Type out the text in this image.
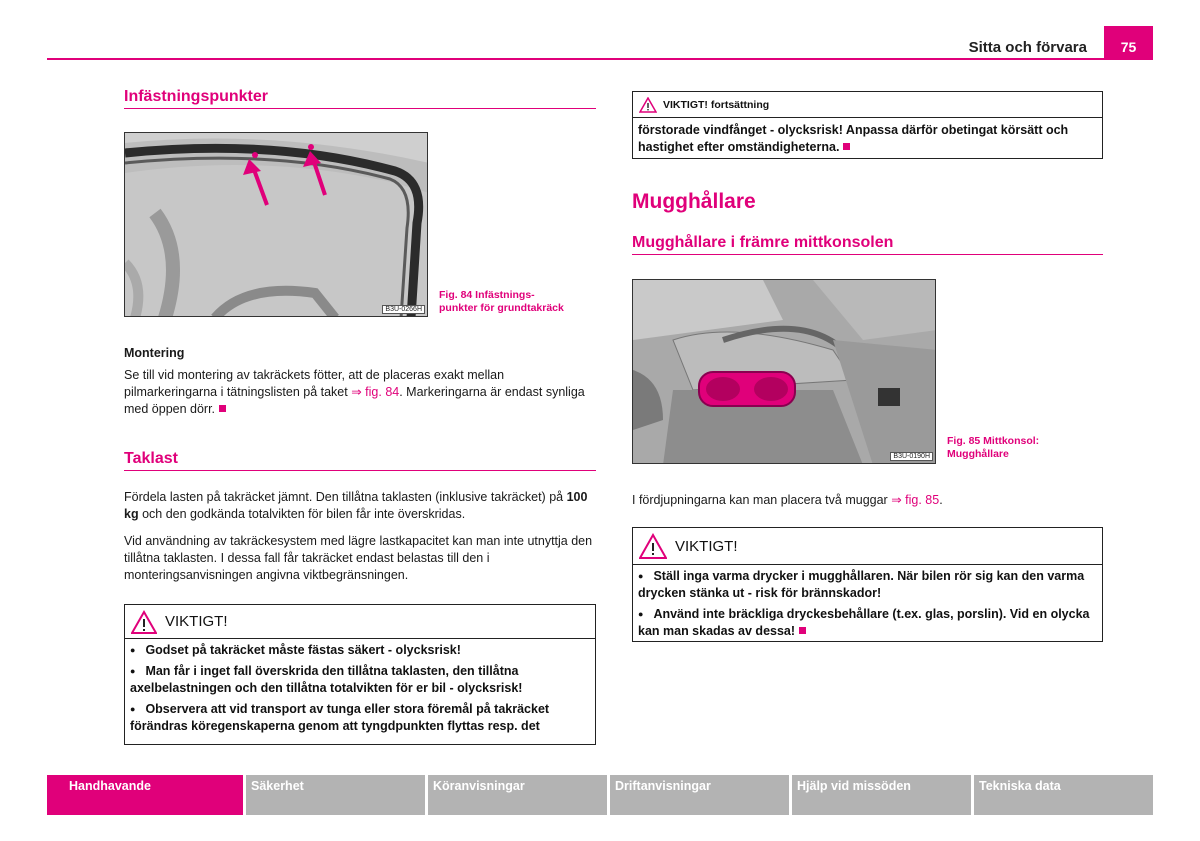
Sitta och förvara	75
Infästningspunkter
B3U-0266H
Fig. 84 Infästnings-
punkter för grundtakräck
Montering
Se till vid montering av takräckets fötter, att de placeras exakt mellan pilmarkeringarna i tätningslisten på taket ⇒ fig. 84. Markeringarna är endast synliga med öppen dörr.
Taklast
Fördela lasten på takräcket jämnt. Den tillåtna taklasten (inklusive takräcket) på 100 kg och den godkända totalvikten för bilen får inte överskridas.
Vid användning av takräckesystem med lägre lastkapacitet kan man inte utnyttja den tillåtna taklasten. I dessa fall får takräcket endast belastas till den i monteringsanvisningen angivna viktbegränsningen.
VIKTIGT!
● Godset på takräcket måste fästas säkert - olycksrisk!
● Man får i inget fall överskrida den tillåtna taklasten, den tillåtna axelbelastningen och den tillåtna totalvikten för er bil - olycksrisk!
● Observera att vid transport av tunga eller stora föremål på takräcket förändras köregenskaperna genom att tyngdpunkten flyttas resp. det
VIKTIGT! fortsättning
förstorade vindfånget - olycksrisk! Anpassa därför obetingat körsätt och hastighet efter omständigheterna.
Mugghållare
Mugghållare i främre mittkonsolen
B3U-0190H
Fig. 85 Mittkonsol:
Mugghållare
I fördjupningarna kan man placera två muggar ⇒ fig. 85.
VIKTIGT!
● Ställ inga varma drycker i mugghållaren. När bilen rör sig kan den varma drycken stänka ut - risk för brännskador!
● Använd inte bräckliga dryckesbehållare (t.ex. glas, porslin). Vid en olycka kan man skadas av dessa!
Handhavande	Säkerhet	Köranvisningar	Driftanvisningar	Hjälp vid missöden	Tekniska data
